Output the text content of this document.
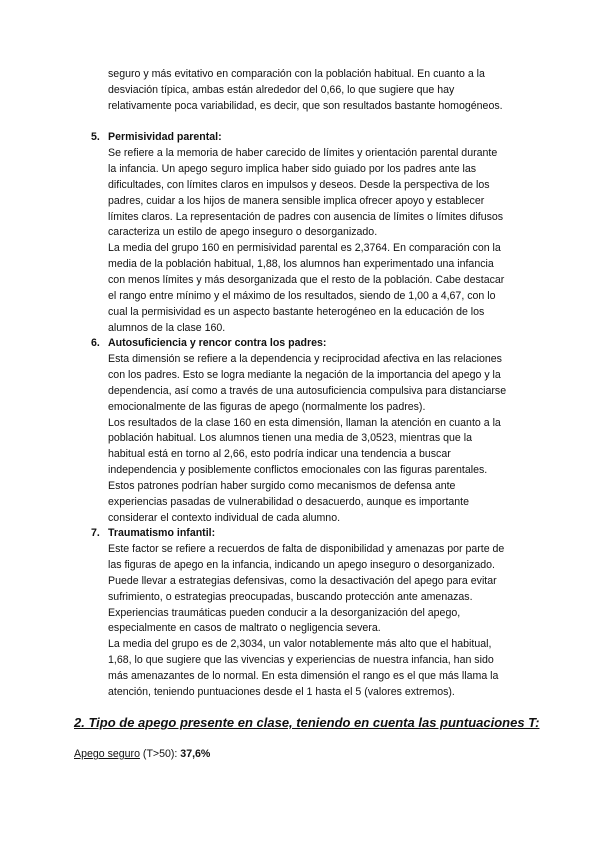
seguro y más evitativo en comparación con la población habitual. En cuanto a la

desviación típica, ambas están alrededor del 0,66, lo que sugiere que hay

relativamente poca variabilidad, es decir, que son resultados bastante homogéneos.

5. Permisividad parental:

Se refiere a la memoria de haber carecido de límites y orientación parental durante

la infancia. Un apego seguro implica haber sido guiado por los padres ante las

dificultades, con límites claros en impulsos y deseos. Desde la perspectiva de los

padres, cuidar a los hijos de manera sensible implica ofrecer apoyo y establecer

límites claros. La representación de padres con ausencia de límites o límites difusos

caracteriza un estilo de apego inseguro o desorganizado.

La media del grupo 160 en permisividad parental es 2,3764. En comparación con la

media de la población habitual, 1,88, los alumnos han experimentado una infancia

con menos límites y más desorganizada que el resto de la población. Cabe destacar

el rango entre mínimo y el máximo de los resultados, siendo de 1,00 a 4,67, con lo

cual la permisividad es un aspecto bastante heterogéneo en la educación de los

alumnos de la clase 160.

6. Autosuficiencia y rencor contra los padres:

Esta dimensión se refiere a la dependencia y reciprocidad afectiva en las relaciones

con los padres. Esto se logra mediante la negación de la importancia del apego y la

dependencia, así como a través de una autosuficiencia compulsiva para distanciarse

emocionalmente de las figuras de apego (normalmente los padres).

Los resultados de la clase 160 en esta dimensión, llaman la atención en cuanto a la

población habitual. Los alumnos tienen una media de 3,0523, mientras que la

habitual está en torno al 2,66, esto podría indicar una tendencia a buscar

independencia y posiblemente conflictos emocionales con las figuras parentales.

Estos patrones podrían haber surgido como mecanismos de defensa ante

experiencias pasadas de vulnerabilidad o desacuerdo, aunque es importante

considerar el contexto individual de cada alumno.

7. Traumatismo infantil:

Este factor se refiere a recuerdos de falta de disponibilidad y amenazas por parte de

las figuras de apego en la infancia, indicando un apego inseguro o desorganizado.

Puede llevar a estrategias defensivas, como la desactivación del apego para evitar

sufrimiento, o estrategias preocupadas, buscando protección ante amenazas.

Experiencias traumáticas pueden conducir a la desorganización del apego,

especialmente en casos de maltrato o negligencia severa.

La media del grupo es de 2,3034, un valor notablemente más alto que el habitual,

1,68, lo que sugiere que las vivencias y experiencias de nuestra infancia, han sido

más amenazantes de lo normal. En esta dimensión el rango es el que más llama la

atención, teniendo puntuaciones desde el 1 hasta el 5 (valores extremos).

2. Tipo de apego presente en clase, teniendo en cuenta las puntuaciones T:
Apego seguro (T>50): 37,6%
